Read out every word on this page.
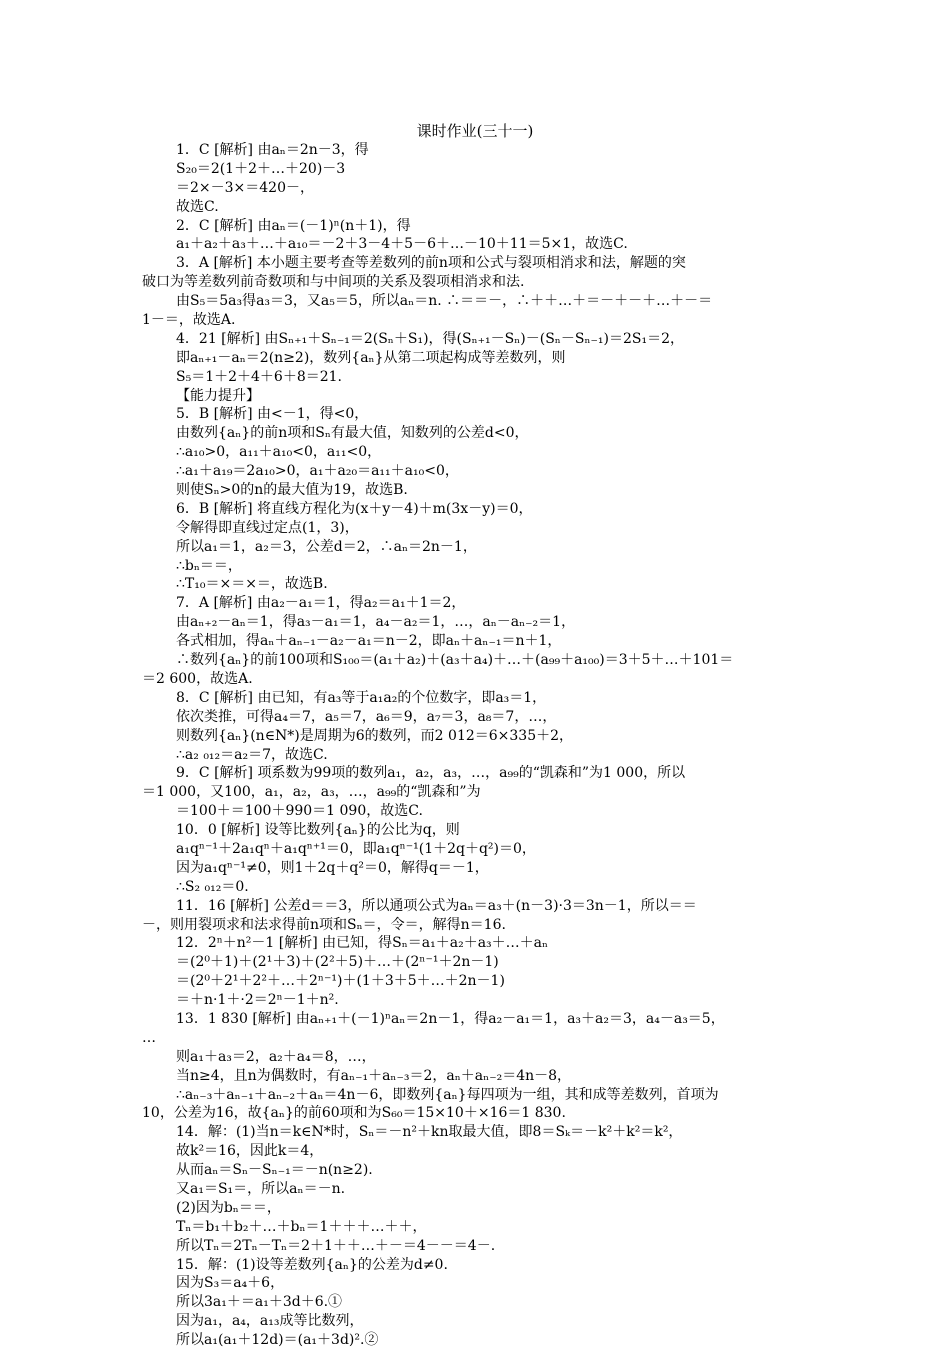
课时作业(三十一)
1．C [解析] 由aₙ＝2n－3，得
S₂₀＝2(1＋2＋…＋20)－3
＝2×－3×＝420－，
故选C.
2．C [解析] 由aₙ＝(－1)ⁿ(n＋1)，得
a₁＋a₂＋a₃＋…＋a₁₀＝－2＋3－4＋5－6＋…－10＋11＝5×1，故选C.
3．A [解析] 本小题主要考查等差数列的前n项和公式与裂项相消求和法，解题的突
破口为等差数列前奇数项和与中间项的关系及裂项相消求和法.
由S₅＝5a₃得a₃＝3，又a₅＝5，所以aₙ＝n. ∴＝＝－，∴＋＋…＋＝－＋－＋…＋－＝
1－＝，故选A.
4．21 [解析] 由Sₙ₊₁＋Sₙ₋₁＝2(Sₙ＋S₁)，得(Sₙ₊₁－Sₙ)－(Sₙ－Sₙ₋₁)＝2S₁＝2，
即aₙ₊₁－aₙ＝2(n≥2)，数列{aₙ}从第二项起构成等差数列，则
S₅＝1＋2＋4＋6＋8＝21.
【能力提升】
5．B [解析] 由<－1，得<0，
由数列{aₙ}的前n项和Sₙ有最大值，知数列的公差d<0，
∴a₁₀>0，a₁₁＋a₁₀<0，a₁₁<0，
∴a₁＋a₁₉＝2a₁₀>0，a₁＋a₂₀＝a₁₁＋a₁₀<0，
则使Sₙ>0的n的最大值为19，故选B.
6．B [解析] 将直线方程化为(x＋y－4)＋m(3x－y)＝0，
令解得即直线过定点(1，3)，
所以a₁＝1，a₂＝3，公差d＝2，∴aₙ＝2n－1，
∴bₙ＝＝，
∴T₁₀＝×＝×＝，故选B.
7．A [解析] 由a₂－a₁＝1，得a₂＝a₁＋1＝2，
由aₙ₊₂－aₙ＝1，得a₃－a₁＝1，a₄－a₂＝1，…，aₙ－aₙ₋₂＝1，
各式相加，得aₙ＋aₙ₋₁－a₂－a₁＝n－2，即aₙ＋aₙ₋₁＝n＋1，
∴数列{aₙ}的前100项和S₁₀₀＝(a₁＋a₂)＋(a₃＋a₄)＋…＋(a₉₉＋a₁₀₀)＝3＋5＋…＋101＝
＝2 600，故选A.
8．C [解析] 由已知，有a₃等于a₁a₂的个位数字，即a₃＝1，
依次类推，可得a₄＝7，a₅＝7，a₆＝9，a₇＝3，a₈＝7，…，
则数列{aₙ}(n∈N*)是周期为6的数列，而2 012＝6×335＋2，
∴a₂ ₀₁₂＝a₂＝7，故选C.
9．C [解析] 项系数为99项的数列a₁，a₂，a₃，…，a₉₉的“凯森和”为1 000，所以
＝1 000，又100，a₁，a₂，a₃，…，a₉₉的“凯森和”为
＝100＋＝100＋990＝1 090，故选C.
10．0 [解析] 设等比数列{aₙ}的公比为q，则
a₁qⁿ⁻¹＋2a₁qⁿ＋a₁qⁿ⁺¹＝0，即a₁qⁿ⁻¹(1＋2q＋q²)＝0，
因为a₁qⁿ⁻¹≠0，则1＋2q＋q²＝0，解得q＝－1，
∴S₂ ₀₁₂＝0.
11．16 [解析] 公差d＝＝3，所以通项公式为aₙ＝a₃＋(n－3)·3＝3n－1，所以＝＝
－，则用裂项求和法求得前n项和Sₙ＝，令＝，解得n＝16.
12．2ⁿ＋n²－1 [解析] 由已知，得Sₙ＝a₁＋a₂＋a₃＋…＋aₙ
＝(2⁰＋1)＋(2¹＋3)＋(2²＋5)＋…＋(2ⁿ⁻¹＋2n－1)
＝(2⁰＋2¹＋2²＋…＋2ⁿ⁻¹)＋(1＋3＋5＋…＋2n－1)
＝＋n·1＋·2＝2ⁿ－1＋n².
13．1 830 [解析] 由aₙ₊₁＋(－1)ⁿaₙ＝2n－1，得a₂－a₁＝1，a₃＋a₂＝3，a₄－a₃＝5，
…
则a₁＋a₃＝2，a₂＋a₄＝8，…，
当n≥4，且n为偶数时，有aₙ₋₁＋aₙ₋₃＝2，aₙ＋aₙ₋₂＝4n－8，
∴aₙ₋₃＋aₙ₋₁＋aₙ₋₂＋aₙ＝4n－6，即数列{aₙ}每四项为一组，其和成等差数列，首项为
10，公差为16，故{aₙ}的前60项和为S₆₀＝15×10＋×16＝1 830.
14．解：(1)当n＝k∈N*时，Sₙ＝－n²＋kn取最大值，即8＝Sₖ＝－k²＋k²＝k²，
故k²＝16，因此k＝4，
从而aₙ＝Sₙ－Sₙ₋₁＝－n(n≥2).
又a₁＝S₁＝，所以aₙ＝－n.
(2)因为bₙ＝＝，
Tₙ＝b₁＋b₂＋…＋bₙ＝1＋＋＋…＋＋，
所以Tₙ＝2Tₙ－Tₙ＝2＋1＋＋…＋－＝4－－＝4－.
15．解：(1)设等差数列{aₙ}的公差为d≠0.
因为S₃＝a₄＋6，
所以3a₁＋＝a₁＋3d＋6.①
因为a₁，a₄，a₁₃成等比数列，
所以a₁(a₁＋12d)＝(a₁＋3d)².②
